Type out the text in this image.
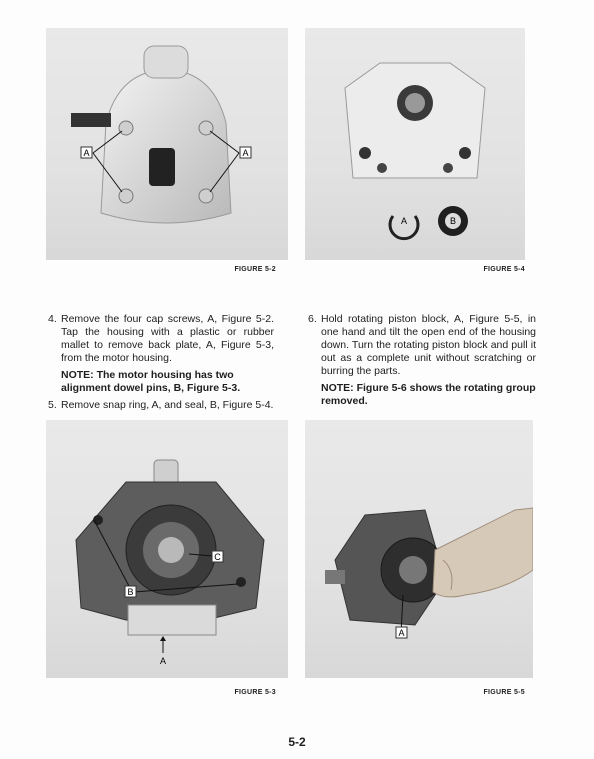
A	A
FIGURE 5-2
A	B
FIGURE 5-4
4. Remove the four cap screws, A, Figure 5-2. Tap the housing with a plastic or rubber mallet to remove back plate, A, Figure 5-3, from the motor housing.
NOTE: The motor housing has two alignment dowel pins, B, Figure 5-3.
5. Remove snap ring, A, and seal, B, Figure 5-4.
6. Hold rotating piston block, A, Figure 5-5, in one hand and tilt the open end of the housing down. Turn the rotating piston block and pull it out as a complete unit without scratching or burring the parts.
NOTE: Figure 5-6 shows the rotating group removed.
B
C
A
FIGURE 5-3
A
FIGURE 5-5
5-2
